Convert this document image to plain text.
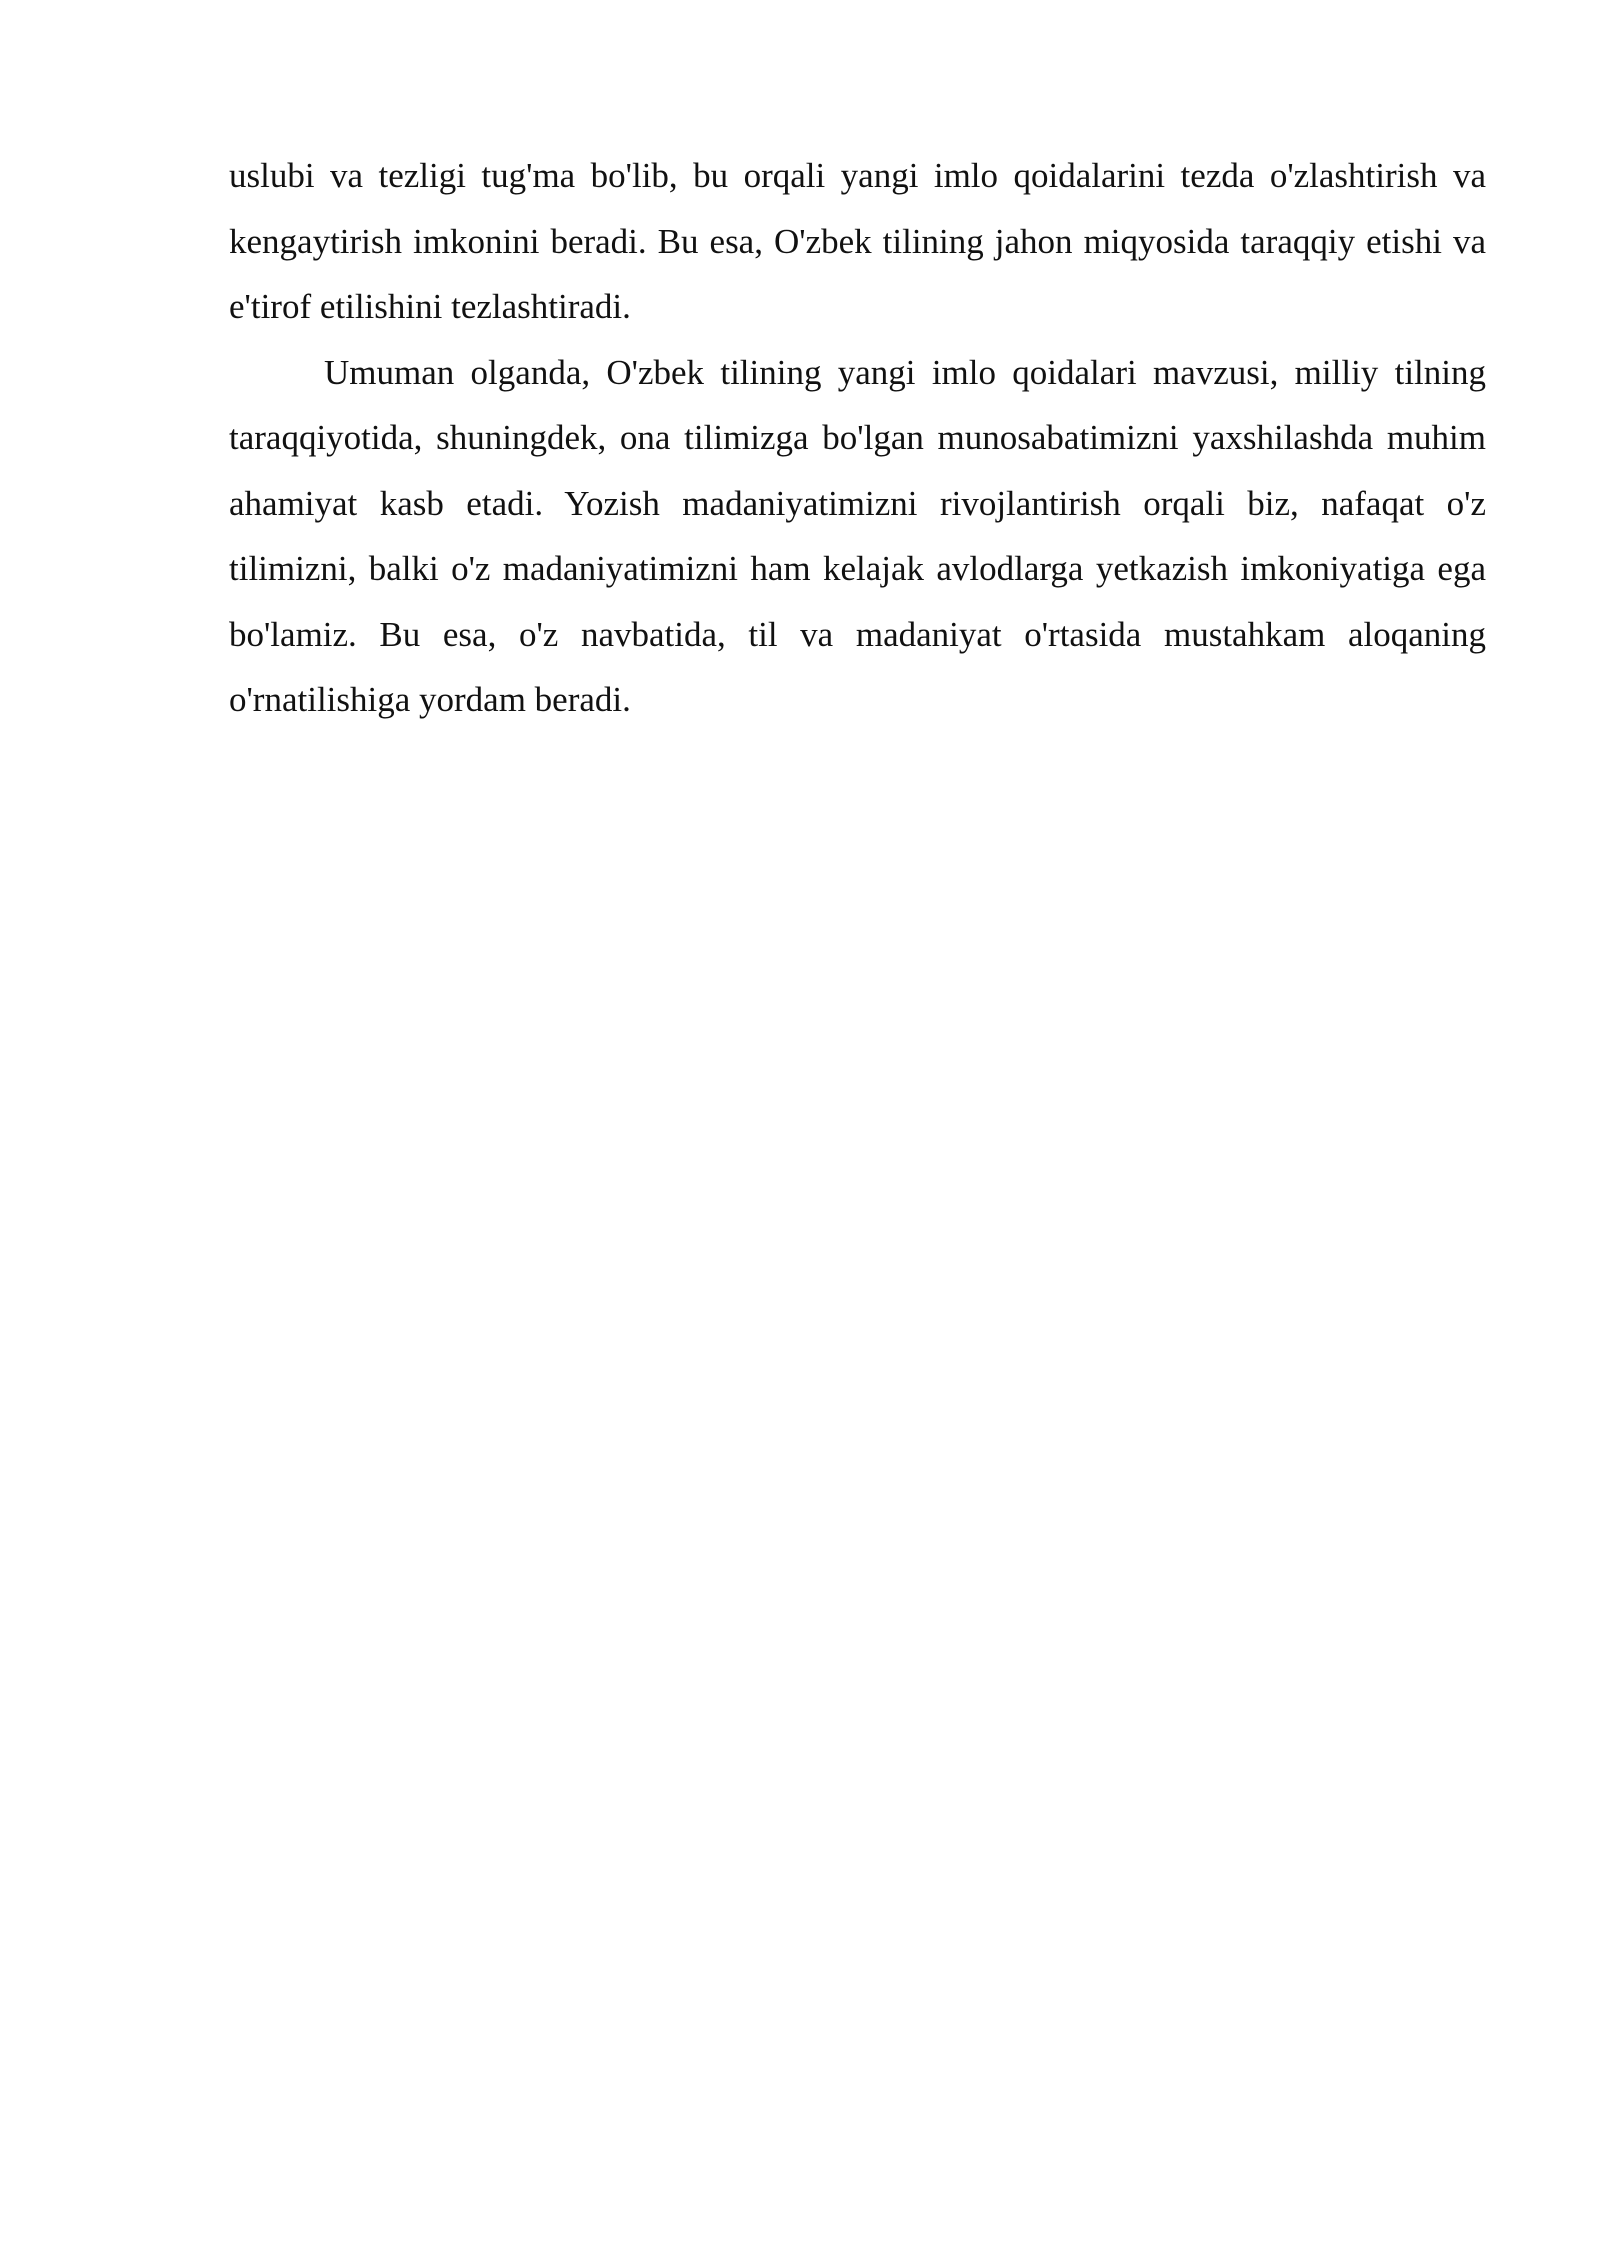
uslubi va tezligi tug'ma bo'lib, bu orqali yangi imlo qoidalarini tezda o'zlashtirish va kengaytirish imkonini beradi. Bu esa, O'zbek tilining jahon miqyosida taraqqiy etishi va e'tirof etilishini tezlashtiradi.

Umuman olganda, O'zbek tilining yangi imlo qoidalari mavzusi, milliy tilning taraqqiyotida, shuningdek, ona tilimizga bo'lgan munosabatimizni yaxshilashda muhim ahamiyat kasb etadi. Yozish madaniyatimizni rivojlantirish orqali biz, nafaqat o'z tilimizni, balki o'z madaniyatimizni ham kelajak avlodlarga yetkazish imkoniyatiga ega bo'lamiz. Bu esa, o'z navbatida, til va madaniyat o'rtasida mustahkam aloqaning o'rnatilishiga yordam beradi.
